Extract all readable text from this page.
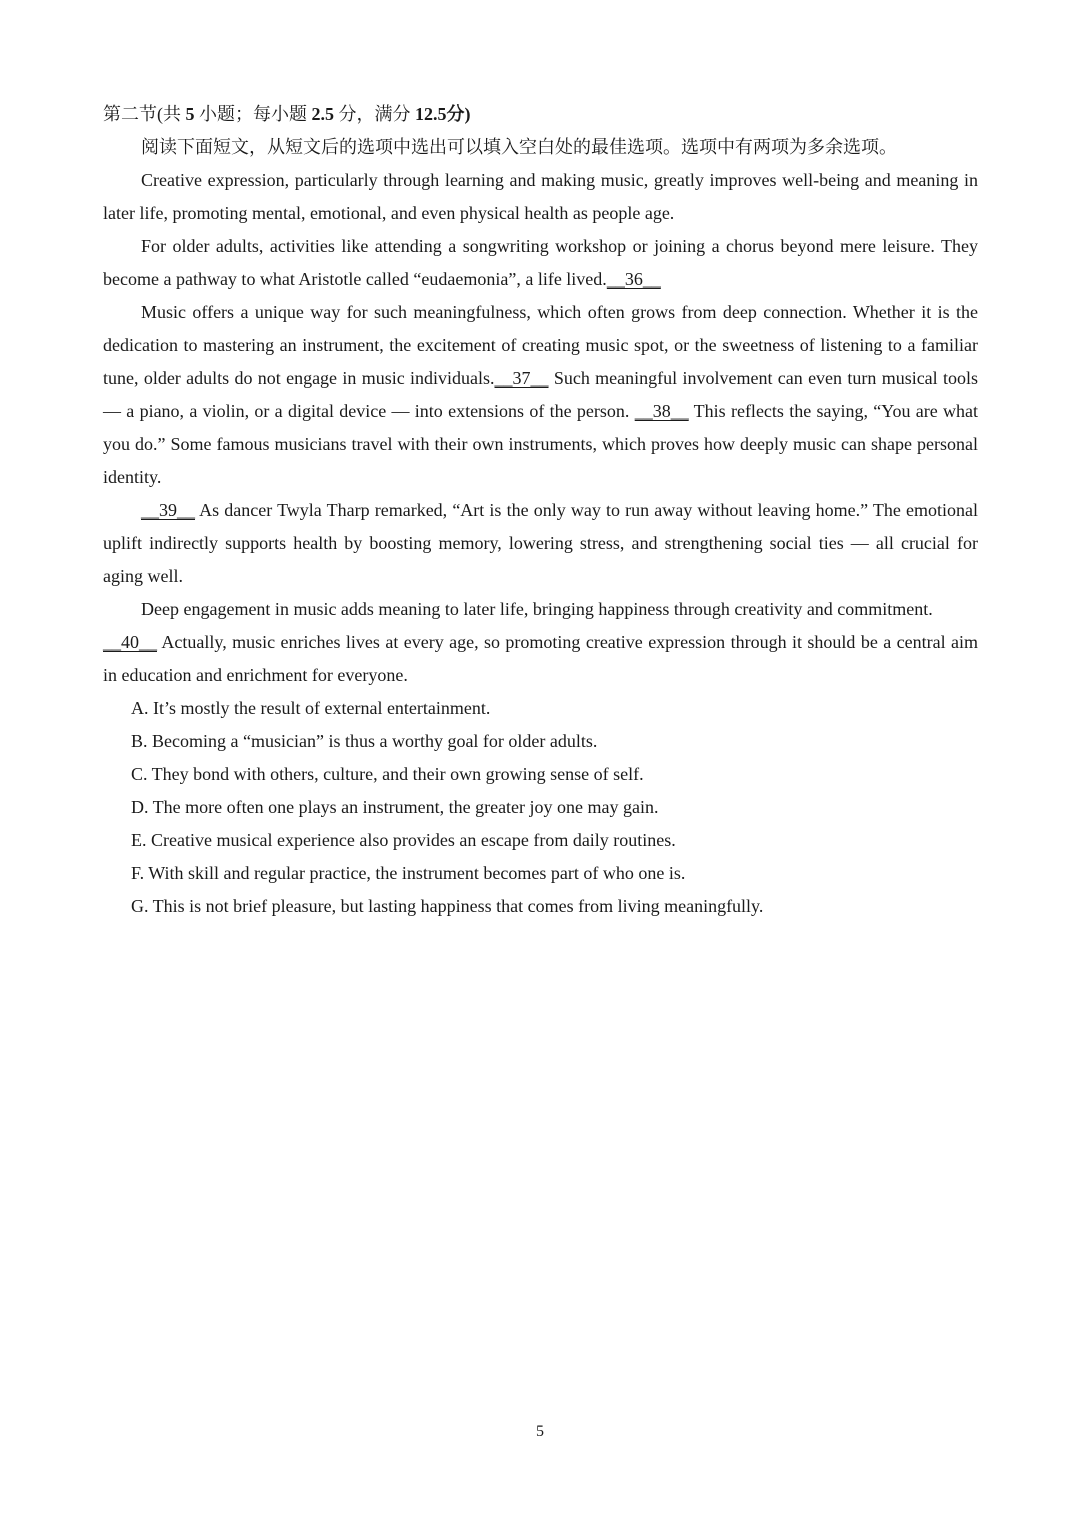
第二节(共 5 小题；每小题 2.5 分，满分 12.5分)

阅读下面短文，从短文后的选项中选出可以填入空白处的最佳选项。选项中有两项为多余选项。

Creative expression, particularly through learning and making music, greatly improves well-being and meaning in later life, promoting mental, emotional, and even physical health as people age.

For older adults, activities like attending a songwriting workshop or joining a chorus beyond mere leisure. They become a pathway to what Aristotle called “eudaemonia”, a life lived.__36__

Music offers a unique way for such meaningfulness, which often grows from deep connection. Whether it is the dedication to mastering an instrument, the excitement of creating music spot, or the sweetness of listening to a familiar tune, older adults do not engage in music individuals.__37__ Such meaningful involvement can even turn musical tools — a piano, a violin, or a digital device — into extensions of the person. __38__ This reflects the saying, “You are what you do.” Some famous musicians travel with their own instruments, which proves how deeply music can shape personal identity.

__39__ As dancer Twyla Tharp remarked, “Art is the only way to run away without leaving home.” The emotional uplift indirectly supports health by boosting memory, lowering stress, and strengthening social ties — all crucial for aging well.

Deep engagement in music adds meaning to later life, bringing happiness through creativity and commitment.

__40__ Actually, music enriches lives at every age, so promoting creative expression through it should be a central aim in education and enrichment for everyone.

A. It’s mostly the result of external entertainment.
B. Becoming a “musician” is thus a worthy goal for older adults.
C. They bond with others, culture, and their own growing sense of self.
D. The more often one plays an instrument, the greater joy one may gain.
E. Creative musical experience also provides an escape from daily routines.
F. With skill and regular practice, the instrument becomes part of who one is.
G. This is not brief pleasure, but lasting happiness that comes from living meaningfully.
5
